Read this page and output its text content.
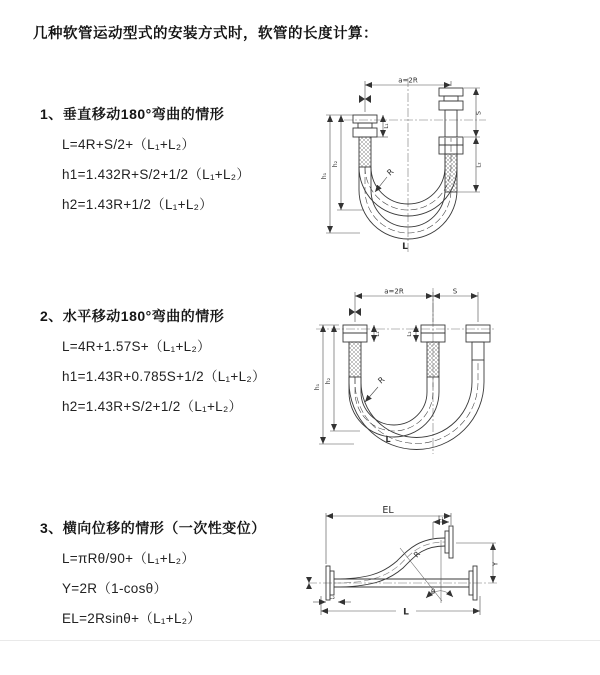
几种软管运动型式的安装方式时，软管的长度计算：
1、垂直移动180°弯曲的情形
L=4R+S/2+（L₁+L₂）
h1=1.432R+S/2+1/2（L₁+L₂）
h2=1.43R+1/2（L₁+L₂）
a=2R
h₁
h₂
S
L₁
L₂
R
L
2、水平移动180°弯曲的情形
L=4R+1.57S+（L₁+L₂）
h1=1.43R+0.785S+1/2（L₁+L₂）
h2=1.43R+S/2+1/2（L₁+L₂）
a=2R	S
h₁
h₂
L₁	L₂
R
L
3、横向位移的情形（一次性变位）
L=πRθ/90+（L₁+L₂）
Y=2R（1-cosθ）
EL=2Rsinθ+（L₁+L₂）
EL
L₁
Y
R
θ
L
L₂
